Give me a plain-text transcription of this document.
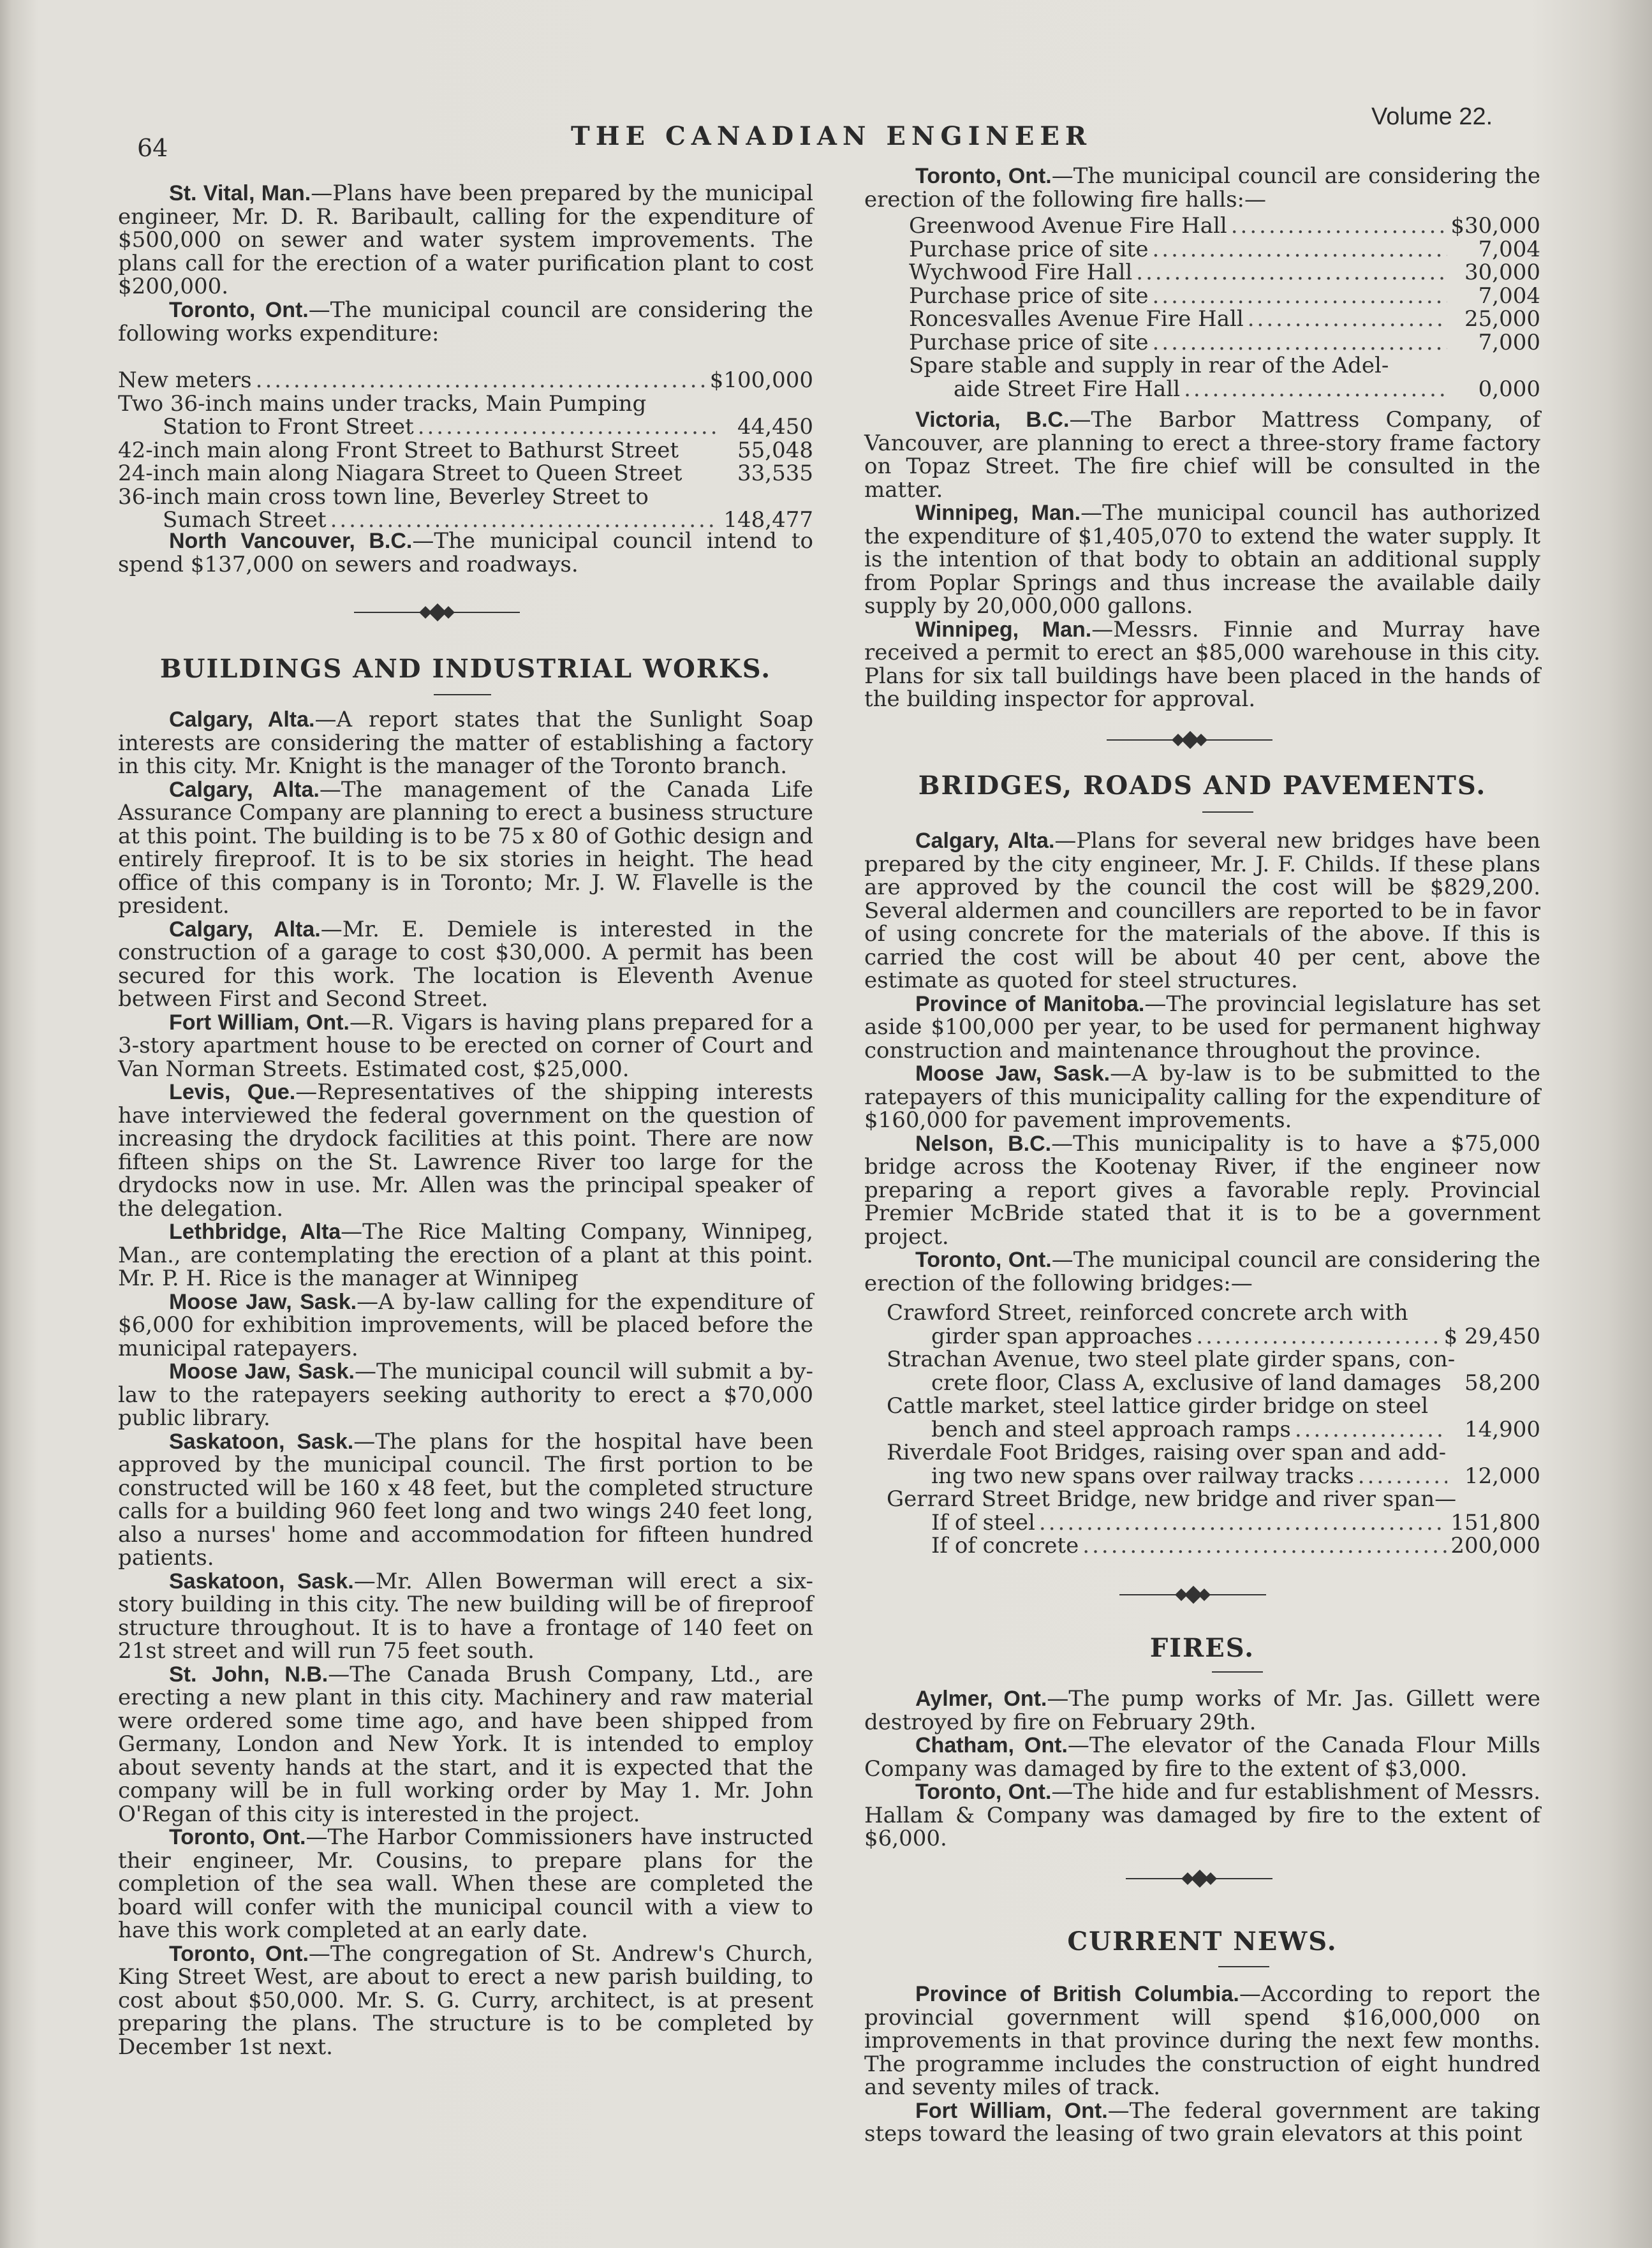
64	THE CANADIAN ENGINEER
Volume 22.

St. Vital, Man.—Plans have been prepared by the municipal engineer, Mr. D. R. Baribault, calling for the expenditure of $500,000 on sewer and water system improvements. The plans call for the erection of a water purification plant to cost $200,000.

Toronto, Ont.—The municipal council are considering the following works expenditure:

New meters .....	$100,000
Two 36-inch mains under tracks, Main Pumping
Station to Front Street .....	44,450
42-inch main along Front Street to Bathurst Street	55,048
24-inch main along Niagara Street to Queen Street	33,535
36-inch main cross town line, Beverley Street to
Sumach Street .....	148,477

North Vancouver, B.C.—The municipal council intend to spend $137,000 on sewers and roadways.

BUILDINGS AND INDUSTRIAL WORKS.

Calgary, Alta.—A report states that the Sunlight Soap interests are considering the matter of establishing a factory in this city. Mr. Knight is the manager of the Toronto branch.

Calgary, Alta.—The management of the Canada Life Assurance Company are planning to erect a business structure at this point. The building is to be 75 x 80 of Gothic design and entirely fireproof. It is to be six stories in height. The head office of this company is in Toronto; Mr. J. W. Flavelle is the president.

Calgary, Alta.—Mr. E. Demiele is interested in the construction of a garage to cost $30,000. A permit has been secured for this work. The location is Eleventh Avenue between First and Second Street.

Fort William, Ont.—R. Vigars is having plans prepared for a 3-story apartment house to be erected on corner of Court and Van Norman Streets. Estimated cost, $25,000.

Levis, Que.—Representatives of the shipping interests have interviewed the federal government on the question of increasing the drydock facilities at this point. There are now fifteen ships on the St. Lawrence River too large for the drydocks now in use. Mr. Allen was the principal speaker of the delegation.

Lethbridge, Alta—The Rice Malting Company, Winnipeg, Man., are contemplating the erection of a plant at this point. Mr. P. H. Rice is the manager at Winnipeg

Moose Jaw, Sask.—A by-law calling for the expenditure of $6,000 for exhibition improvements, will be placed before the municipal ratepayers.

Moose Jaw, Sask.—The municipal council will submit a by-law to the ratepayers seeking authority to erect a $70,000 public library.

Saskatoon, Sask.—The plans for the hospital have been approved by the municipal council. The first portion to be constructed will be 160 x 48 feet, but the completed structure calls for a building 960 feet long and two wings 240 feet long, also a nurses' home and accommodation for fifteen hundred patients.

Saskatoon, Sask.—Mr. Allen Bowerman will erect a six-story building in this city. The new building will be of fireproof structure throughout. It is to have a frontage of 140 feet on 21st street and will run 75 feet south.

St. John, N.B.—The Canada Brush Company, Ltd., are erecting a new plant in this city. Machinery and raw material were ordered some time ago, and have been shipped from Germany, London and New York. It is intended to employ about seventy hands at the start, and it is expected that the company will be in full working order by May 1. Mr. John O'Regan of this city is interested in the project.

Toronto, Ont.—The Harbor Commissioners have instructed their engineer, Mr. Cousins, to prepare plans for the completion of the sea wall. When these are completed the board will confer with the municipal council with a view to have this work completed at an early date.

Toronto, Ont.—The congregation of St. Andrew's Church, King Street West, are about to erect a new parish building, to cost about $50,000. Mr. S. G. Curry, architect, is at present preparing the plans. The structure is to be completed by December 1st next.

Toronto, Ont.—The municipal council are considering the erection of the following fire halls:—

Greenwood Avenue Fire Hall .....	$30,000
Purchase price of site .....	7,004
Wychwood Fire Hall .....	30,000
Purchase price of site .....	7,004
Roncesvalles Avenue Fire Hall .....	25,000
Purchase price of site .....	7,000
Spare stable and supply in rear of the Adel-
aide Street Fire Hall .....	0,000

Victoria, B.C.—The Barbor Mattress Company, of Vancouver, are planning to erect a three-story frame factory on Topaz Street. The fire chief will be consulted in the matter.

Winnipeg, Man.—The municipal council has authorized the expenditure of $1,405,070 to extend the water supply. It is the intention of that body to obtain an additional supply from Poplar Springs and thus increase the available daily supply by 20,000,000 gallons.

Winnipeg, Man.—Messrs. Finnie and Murray have received a permit to erect an $85,000 warehouse in this city. Plans for six tall buildings have been placed in the hands of the building inspector for approval.

BRIDGES, ROADS AND PAVEMENTS.

Calgary, Alta.—Plans for several new bridges have been prepared by the city engineer, Mr. J. F. Childs. If these plans are approved by the council the cost will be $829,200. Several aldermen and councillers are reported to be in favor of using concrete for the materials of the above. If this is carried the cost will be about 40 per cent, above the estimate as quoted for steel structures.

Province of Manitoba.—The provincial legislature has set aside $100,000 per year, to be used for permanent highway construction and maintenance throughout the province.

Moose Jaw, Sask.—A by-law is to be submitted to the ratepayers of this municipality calling for the expenditure of $160,000 for pavement improvements.

Nelson, B.C.—This municipality is to have a $75,000 bridge across the Kootenay River, if the engineer now preparing a report gives a favorable reply. Provincial Premier McBride stated that it is to be a government project.

Toronto, Ont.—The municipal council are considering the erection of the following bridges:—

Crawford Street, reinforced concrete arch with
girder span approaches .....	$ 29,450
Strachan Avenue, two steel plate girder spans, con-
crete floor, Class A, exclusive of land damages	58,200
Cattle market, steel lattice girder bridge on steel
bench and steel approach ramps .....	14,900
Riverdale Foot Bridges, raising over span and add-
ing two new spans over railway tracks .....	12,000
Gerrard Street Bridge, new bridge and river span—
If of steel .....	151,800
If of concrete .....	200,000
FIRES.

Aylmer, Ont.—The pump works of Mr. Jas. Gillett were destroyed by fire on February 29th.

Chatham, Ont.—The elevator of the Canada Flour Mills Company was damaged by fire to the extent of $3,000.

Toronto, Ont.—The hide and fur establishment of Messrs. Hallam & Company was damaged by fire to the extent of $6,000.

CURRENT NEWS.

Province of British Columbia.—According to report the provincial government will spend $16,000,000 on improvements in that province during the next few months. The programme includes the construction of eight hundred and seventy miles of track.

Fort William, Ont.—The federal government are taking steps toward the leasing of two grain elevators at this point
